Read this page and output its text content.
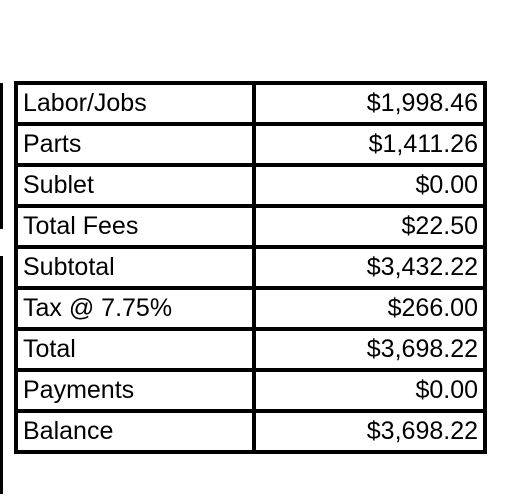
Labor/Jobs	$1,998.46
Parts	$1,411.26
Sublet	$0.00
Total Fees	$22.50
Subtotal	$3,432.22
Tax @ 7.75%	$266.00
Total	$3,698.22
Payments	$0.00
Balance	$3,698.22
